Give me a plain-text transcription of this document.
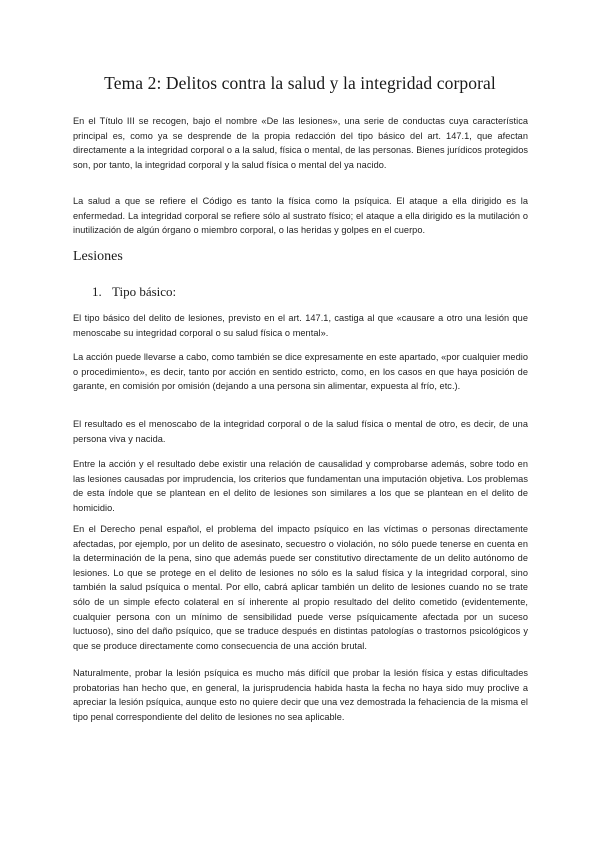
Tema 2: Delitos contra la salud y la integridad corporal

En el Título III se recogen, bajo el nombre «De las lesiones», una serie de conductas cuya característica principal es, como ya se desprende de la propia redacción del tipo básico del art. 147.1, que afectan directamente a la integridad corporal o a la salud, física o mental, de las personas. Bienes jurídicos protegidos son, por tanto, la integridad corporal y la salud física o mental del ya nacido.

La salud a que se refiere el Código es tanto la física como la psíquica. El ataque a ella dirigido es la enfermedad. La integridad corporal se refiere sólo al sustrato físico; el ataque a ella dirigido es la mutilación o inutilización de algún órgano o miembro corporal, o las heridas y golpes en el cuerpo.

Lesiones
1. Tipo básico:

El tipo básico del delito de lesiones, previsto en el art. 147.1, castiga al que «causare a otro una lesión que menoscabe su integridad corporal o su salud física o mental».

La acción puede llevarse a cabo, como también se dice expresamente en este apartado, «por cualquier medio o procedimiento», es decir, tanto por acción en sentido estricto, como, en los casos en que haya posición de garante, en comisión por omisión (dejando a una persona sin alimentar, expuesta al frío, etc.).

El resultado es el menoscabo de la integridad corporal o de la salud física o mental de otro, es decir, de una persona viva y nacida.

Entre la acción y el resultado debe existir una relación de causalidad y comprobarse además, sobre todo en las lesiones causadas por imprudencia, los criterios que fundamentan una imputación objetiva. Los problemas de esta índole que se plantean en el delito de lesiones son similares a los que se plantean en el delito de homicidio.

En el Derecho penal español, el problema del impacto psíquico en las víctimas o personas directamente afectadas, por ejemplo, por un delito de asesinato, secuestro o violación, no sólo puede tenerse en cuenta en la determinación de la pena, sino que además puede ser constitutivo directamente de un delito autónomo de lesiones. Lo que se protege en el delito de lesiones no sólo es la salud física y la integridad corporal, sino también la salud psíquica o mental. Por ello, cabrá aplicar también un delito de lesiones cuando no se trate sólo de un simple efecto colateral en sí inherente al propio resultado del delito cometido (evidentemente, cualquier persona con un mínimo de sensibilidad puede verse psíquicamente afectada por un suceso luctuoso), sino del daño psíquico, que se traduce después en distintas patologías o trastornos psicológicos y que se produce directamente como consecuencia de una acción brutal.

Naturalmente, probar la lesión psíquica es mucho más difícil que probar la lesión física y estas dificultades probatorias han hecho que, en general, la jurisprudencia habida hasta la fecha no haya sido muy proclive a apreciar la lesión psíquica, aunque esto no quiere decir que una vez demostrada la fehaciencia de la misma el tipo penal correspondiente del delito de lesiones no sea aplicable.
